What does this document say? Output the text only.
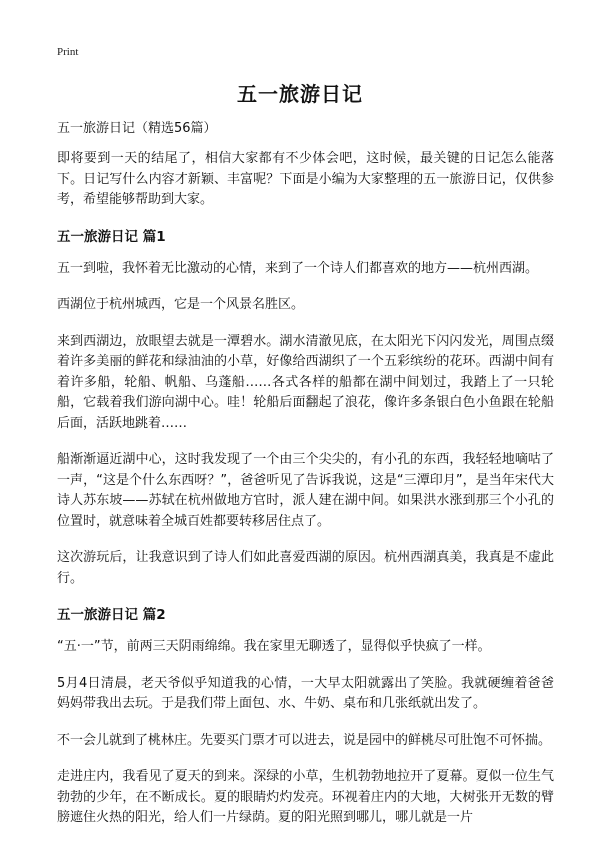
Print
五一旅游日记
五一旅游日记（精选56篇）

即将要到一天的结尾了，相信大家都有不少体会吧，这时候，最关键的日记怎么能落下。日记写什么内容才新颖、丰富呢？下面是小编为大家整理的五一旅游日记，仅供参考，希望能够帮助到大家。

五一旅游日记 篇1

五一到啦，我怀着无比激动的心情，来到了一个诗人们都喜欢的地方——杭州西湖。

西湖位于杭州城西，它是一个风景名胜区。

来到西湖边，放眼望去就是一潭碧水。湖水清澈见底，在太阳光下闪闪发光，周围点缀着许多美丽的鲜花和绿油油的小草，好像给西湖织了一个五彩缤纷的花环。西湖中间有着许多船，轮船、帆船、乌蓬船……各式各样的船都在湖中间划过，我踏上了一只轮船，它载着我们游向湖中心。哇！轮船后面翻起了浪花，像许多条银白色小鱼跟在轮船后面，活跃地跳着……

船渐渐逼近湖中心，这时我发现了一个由三个尖尖的，有小孔的东西，我轻轻地嘀咕了一声，“这是个什么东西呀？”，爸爸听见了告诉我说，这是“三潭印月”，是当年宋代大诗人苏东坡——苏轼在杭州做地方官时，派人建在湖中间。如果洪水涨到那三个小孔的位置时，就意味着全城百姓都要转移居住点了。

这次游玩后，让我意识到了诗人们如此喜爱西湖的原因。杭州西湖真美，我真是不虚此行。

五一旅游日记 篇2

“五·一”节，前两三天阴雨绵绵。我在家里无聊透了，显得似乎快疯了一样。

5月4日清晨，老天爷似乎知道我的心情，一大早太阳就露出了笑脸。我就硬缠着爸爸妈妈带我出去玩。于是我们带上面包、水、牛奶、桌布和几张纸就出发了。

不一会儿就到了桃林庄。先要买门票才可以进去，说是园中的鲜桃尽可肚饱不可怀揣。

走进庄内，我看见了夏天的到来。深绿的小草，生机勃勃地拉开了夏幕。夏似一位生气勃勃的少年，在不断成长。夏的眼睛灼灼发亮。环视着庄内的大地，大树张开无数的臂膀遮住火热的阳光，给人们一片绿荫。夏的阳光照到哪儿，哪儿就是一片
